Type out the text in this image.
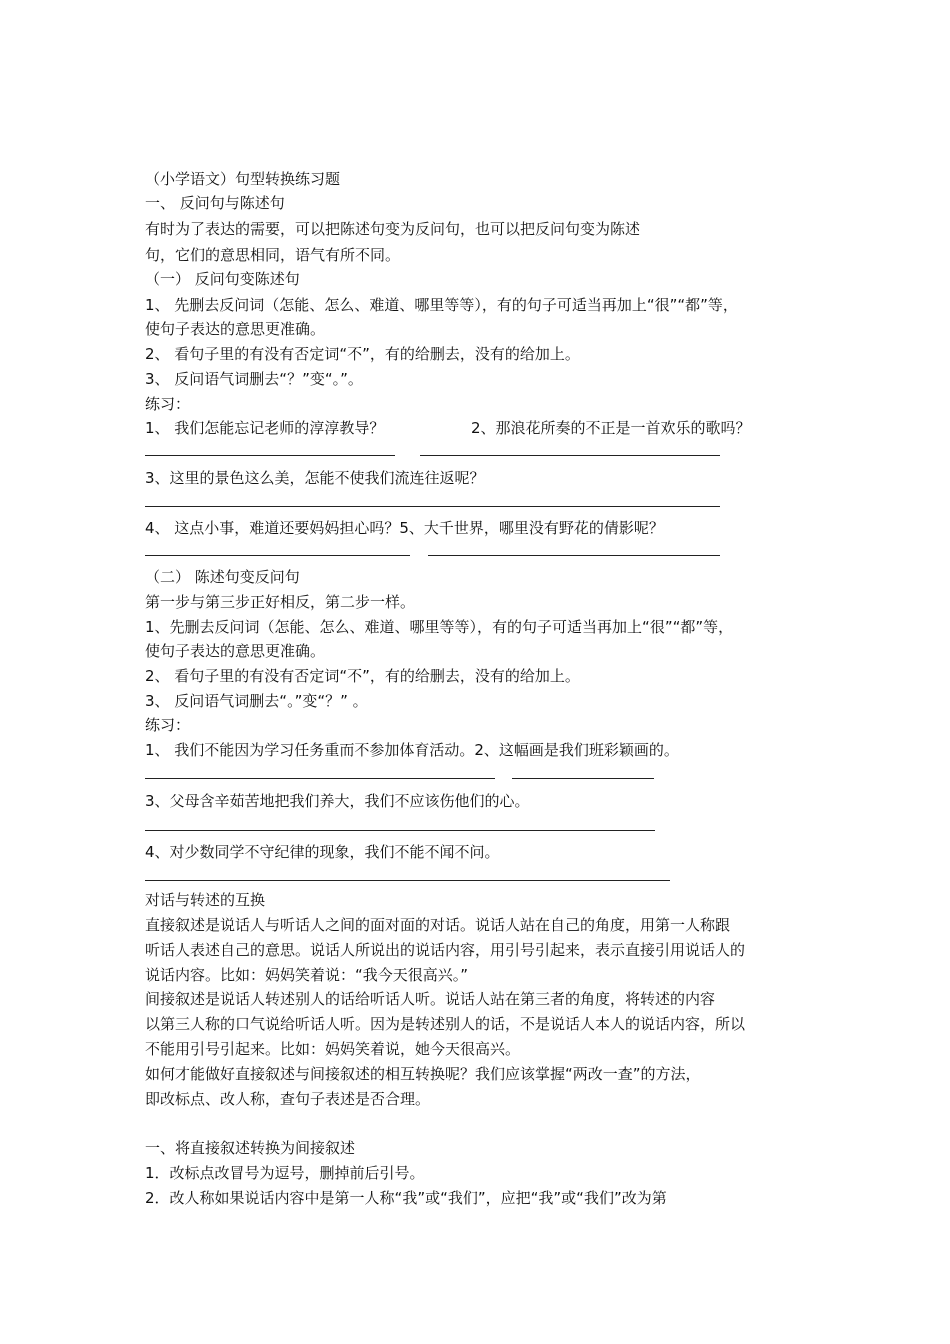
（小学语文）句型转换练习题
一、 反问句与陈述句
有时为了表达的需要，可以把陈述句变为反问句，也可以把反问句变为陈述
句，它们的意思相同，语气有所不同。
（一） 反问句变陈述句
1、 先删去反问词（怎能、怎么、难道、哪里等等），有的句子可适当再加上“很”“都”等，
使句子表达的意思更准确。
2、 看句子里的有没有否定词“不”，有的给删去，没有的给加上。
3、 反问语气词删去“？”变“。”。
练习：
1、 我们怎能忘记老师的淳淳教导？	2、那浪花所奏的不正是一首欢乐的歌吗？
3、这里的景色这么美，怎能不使我们流连往返呢？
4、 这点小事，难道还要妈妈担心吗？5、大千世界，哪里没有野花的倩影呢？
（二） 陈述句变反问句
第一步与第三步正好相反，第二步一样。
1、先删去反问词（怎能、怎么、难道、哪里等等），有的句子可适当再加上“很”“都”等，
使句子表达的意思更准确。
2、 看句子里的有没有否定词“不”，有的给删去，没有的给加上。
3、 反问语气词删去“。”变“？” 。
练习：
1、 我们不能因为学习任务重而不参加体育活动。2、这幅画是我们班彩颖画的。
3、父母含辛茹苦地把我们养大，我们不应该伤他们的心。
4、对少数同学不守纪律的现象，我们不能不闻不问。
对话与转述的互换
直接叙述是说话人与听话人之间的面对面的对话。说话人站在自己的角度，用第一人称跟
听话人表述自己的意思。说话人所说出的说话内容，用引号引起来，表示直接引用说话人的
说话内容。比如：妈妈笑着说：“我今天很高兴。”
间接叙述是说话人转述别人的话给听话人听。说话人站在第三者的角度，将转述的内容
以第三人称的口气说给听话人听。因为是转述别人的话，不是说话人本人的说话内容，所以
不能用引号引起来。比如：妈妈笑着说，她今天很高兴。
如何才能做好直接叙述与间接叙述的相互转换呢？我们应该掌握“两改一查”的方法，
即改标点、改人称，查句子表述是否合理。
一、将直接叙述转换为间接叙述
1．改标点改冒号为逗号，删掉前后引号。
2．改人称如果说话内容中是第一人称“我”或“我们”，应把“我”或“我们”改为第
